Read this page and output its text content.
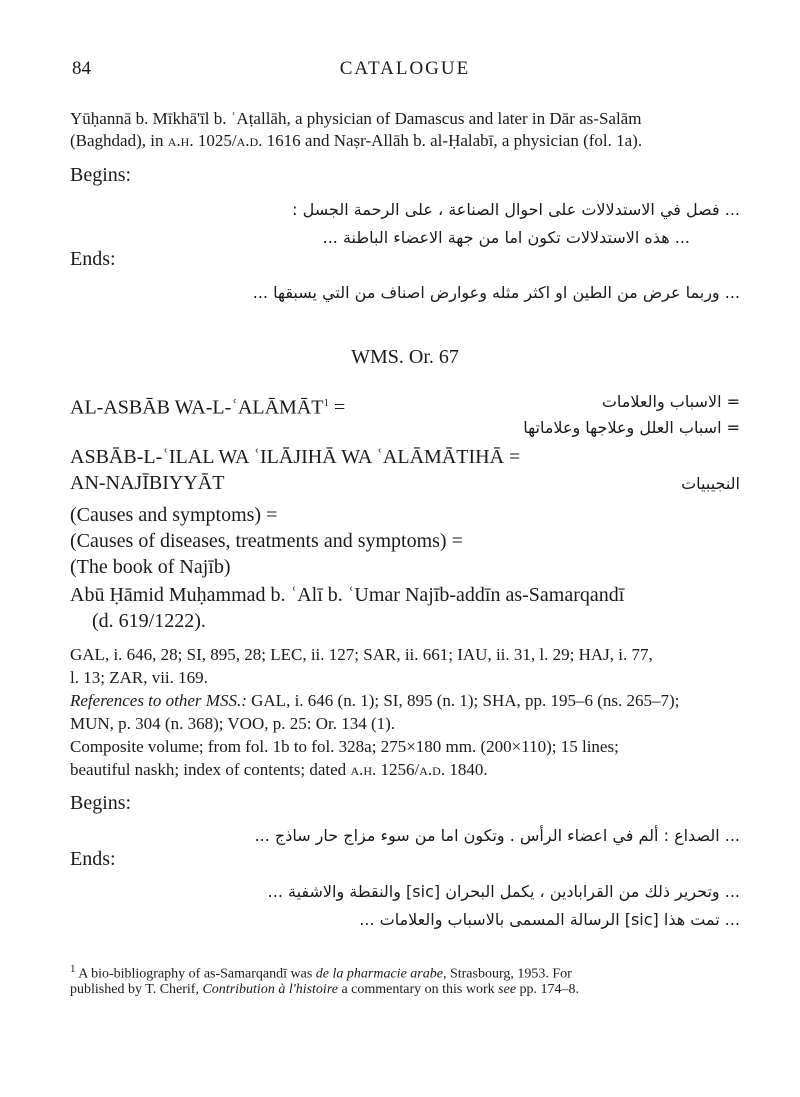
84	CATALOGUE
Yūḥannā b. Mīkhā'īl b. ʿAṭallāh, a physician of Damascus and later in Dār as-Salām
(Baghdad), in a.h. 1025/a.d. 1616 and Naṣr-Allāh b. al-Ḥalabī, a physician (fol. 1a).
Begins:
... فصل في الاستدلالات على احوال الصناعة ، على الرحمة الجسل :
... هذه الاستدلالات تكون اما من جهة الاعضاء الباطنة ...
Ends:
... وربما عرض من الطين او اكثر مثله وعوارض اصناف من التي يسبقها ...
WMS. Or. 67
AL-ASBĀB WA-L-ʿALĀMĀT$^1$ =	= الاسباب والعلامات
= اسباب العلل وعلاجها وعلاماتها
ASBĀB-L-ʿILAL WA ʿILĀJIHĀ WA ʿALĀMĀTIHĀ =
AN-NAJĪBIYYĀT	النجيبيات
(Causes and symptoms) =
(Causes of diseases, treatments and symptoms) =
(The book of Najīb)
Abū Ḥāmid Muḥammad b. ʿAlī b. ʿUmar Najīb-addīn as-Samarqandī
(d. 619/1222).
GAL, i. 646, 28; SI, 895, 28; LEC, ii. 127; SAR, ii. 661; IAU, ii. 31, l. 29; HAJ, i. 77,
l. 13; ZAR, vii. 169.
References to other MSS.: GAL, i. 646 (n. 1); SI, 895 (n. 1); SHA, pp. 195–6 (ns. 265–7);
MUN, p. 304 (n. 368); VOO, p. 25: Or. 134 (1).
Composite volume; from fol. 1b to fol. 328a; 275×180 mm. (200×110); 15 lines;
beautiful naskh; index of contents; dated a.h. 1256/a.d. 1840.
Begins:
... الصداع : ألم في اعضاء الرأس . وتكون اما من سوء مزاج حار ساذج ...
Ends:
... وتحرير ذلك من القرابادين ، يكمل البحران [sic] والنقطة والاشفية ...
... تمت هذا [sic] الرسالة المسمى بالاسباب والعلامات ...
$^1$ A bio-bibliography of as-Samarqandī was de la pharmacie arabe, Strasbourg, 1953. For
published by T. Cherif, Contribution à l'histoire a commentary on this work see pp. 174–8.
